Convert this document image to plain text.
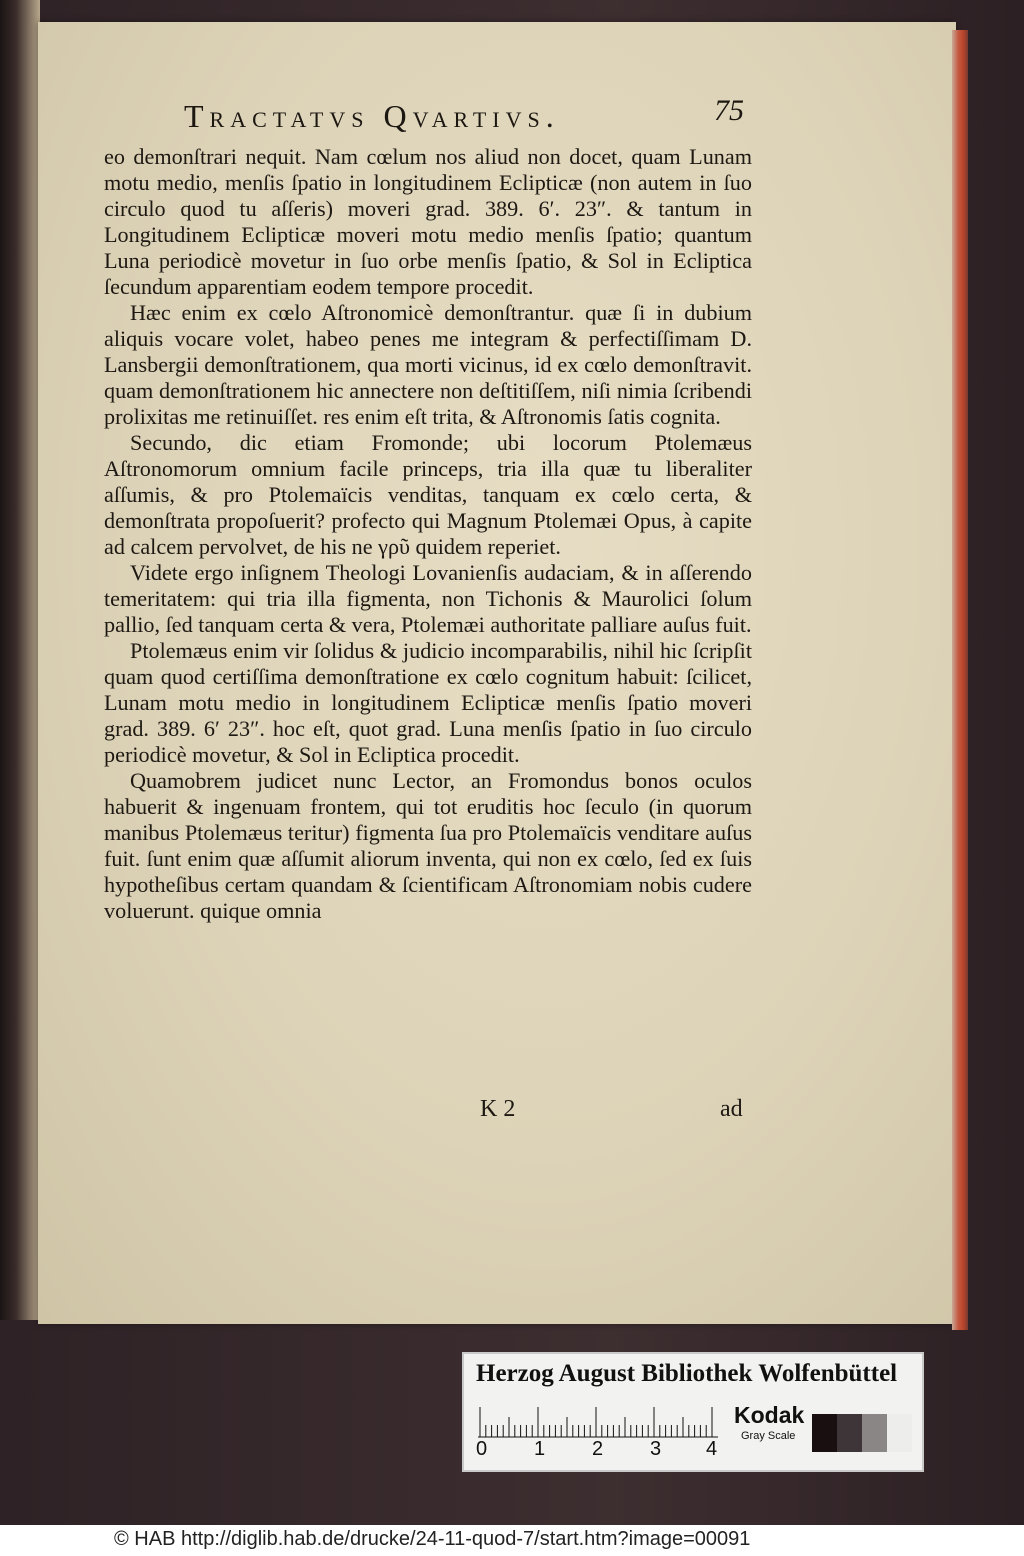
Tractatvs Qvartivs.	75

eo demonſtrari nequit. Nam cœlum nos aliud non docet, quam Lunam motu medio, menſis ſpatio in longitudinem Eclipticæ (non autem in ſuo circulo quod tu aſſeris) moveri grad. 389. 6′. 23″. & tantum in Longitudinem Eclipticæ moveri motu medio menſis ſpatio; quantum Luna periodicè movetur in ſuo orbe menſis ſpatio, & Sol in Ecliptica ſecundum apparentiam eodem tempore procedit.

Hæc enim ex cœlo Aſtronomicè demonſtrantur. quæ ſi in dubium aliquis vocare volet, habeo penes me integram & perfectiſſimam D. Lansbergii demonſtrationem, qua morti vicinus, id ex cœlo demonſtravit. quam demonſtrationem hic annectere non deſtitiſſem, niſi nimia ſcribendi prolixitas me retinuiſſet. res enim eſt trita, & Aſtronomis ſatis cognita.

Secundo, dic etiam Fromonde; ubi locorum Ptolemæus Aſtronomorum omnium facile princeps, tria illa quæ tu liberaliter aſſumis, & pro Ptolemaïcis venditas, tanquam ex cœlo certa, & demonſtrata propoſuerit? profecto qui Magnum Ptolemæi Opus, à capite ad calcem pervolvet, de his ne γρῦ quidem reperiet.

Videte ergo inſignem Theologi Lovanienſis audaciam, & in aſſerendo temeritatem: qui tria illa figmenta, non Tichonis & Maurolici ſolum pallio, ſed tanquam certa & vera, Ptolemæi authoritate palliare auſus fuit.

Ptolemæus enim vir ſolidus & judicio incomparabilis, nihil hic ſcripſit quam quod certiſſima demonſtratione ex cœlo cognitum habuit: ſcilicet, Lunam motu medio in longitudinem Eclipticæ menſis ſpatio moveri grad. 389. 6′ 23″. hoc eſt, quot grad. Luna menſis ſpatio in ſuo circulo periodicè movetur, & Sol in Ecliptica procedit.

Quamobrem judicet nunc Lector, an Fromondus bonos oculos habuerit & ingenuam frontem, qui tot eruditis hoc ſeculo (in quorum manibus Ptolemæus teritur) figmenta ſua pro Ptolemaïcis venditare auſus fuit. ſunt enim quæ aſſumit aliorum inventa, qui non ex cœlo, ſed ex ſuis hypotheſibus certam quandam & ſcientificam Aſtronomiam nobis cudere voluerunt. quique omnia

K 2	ad
Herzog August Bibliothek Wolfenbüttel
0 1 2 3 4
Kodak
Gray Scale
© HAB http://diglib.hab.de/drucke/24-11-quod-7/start.htm?image=00091
